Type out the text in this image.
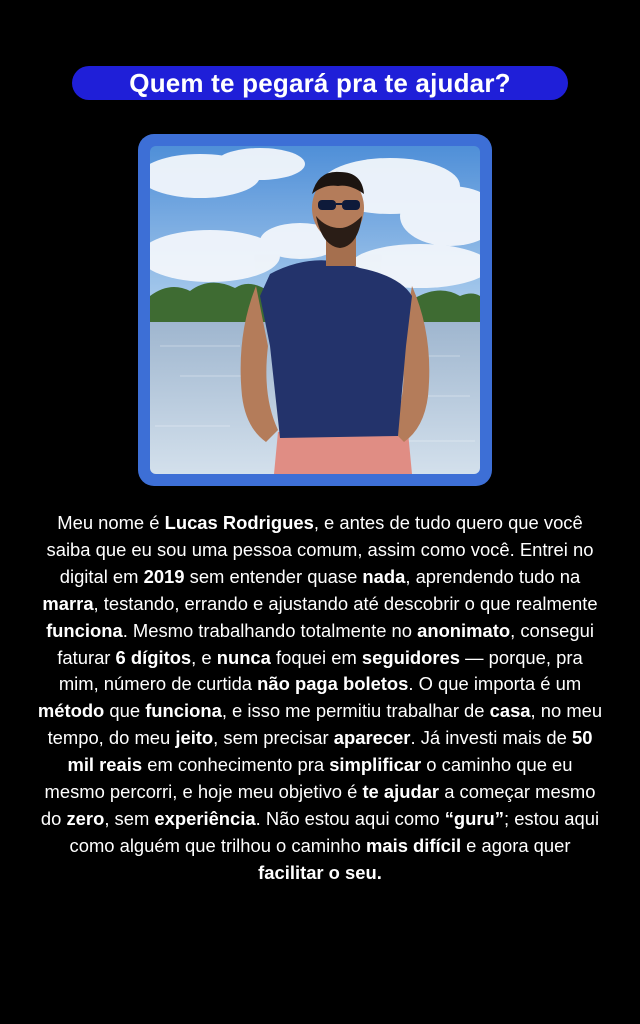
Quem te pegará pra te ajudar?
Meu nome é Lucas Rodrigues, e antes de tudo quero que você saiba que eu sou uma pessoa comum, assim como você. Entrei no digital em 2019 sem entender quase nada, aprendendo tudo na marra, testando, errando e ajustando até descobrir o que realmente funciona. Mesmo trabalhando totalmente no anonimato, consegui faturar 6 dígitos, e nunca foquei em seguidores — porque, pra mim, número de curtida não paga boletos. O que importa é um método que funciona, e isso me permitiu trabalhar de casa, no meu tempo, do meu jeito, sem precisar aparecer. Já investi mais de 50 mil reais em conhecimento pra simplificar o caminho que eu mesmo percorri, e hoje meu objetivo é te ajudar a começar mesmo do zero, sem experiência. Não estou aqui como “guru”; estou aqui como alguém que trilhou o caminho mais difícil e agora quer facilitar o seu.
